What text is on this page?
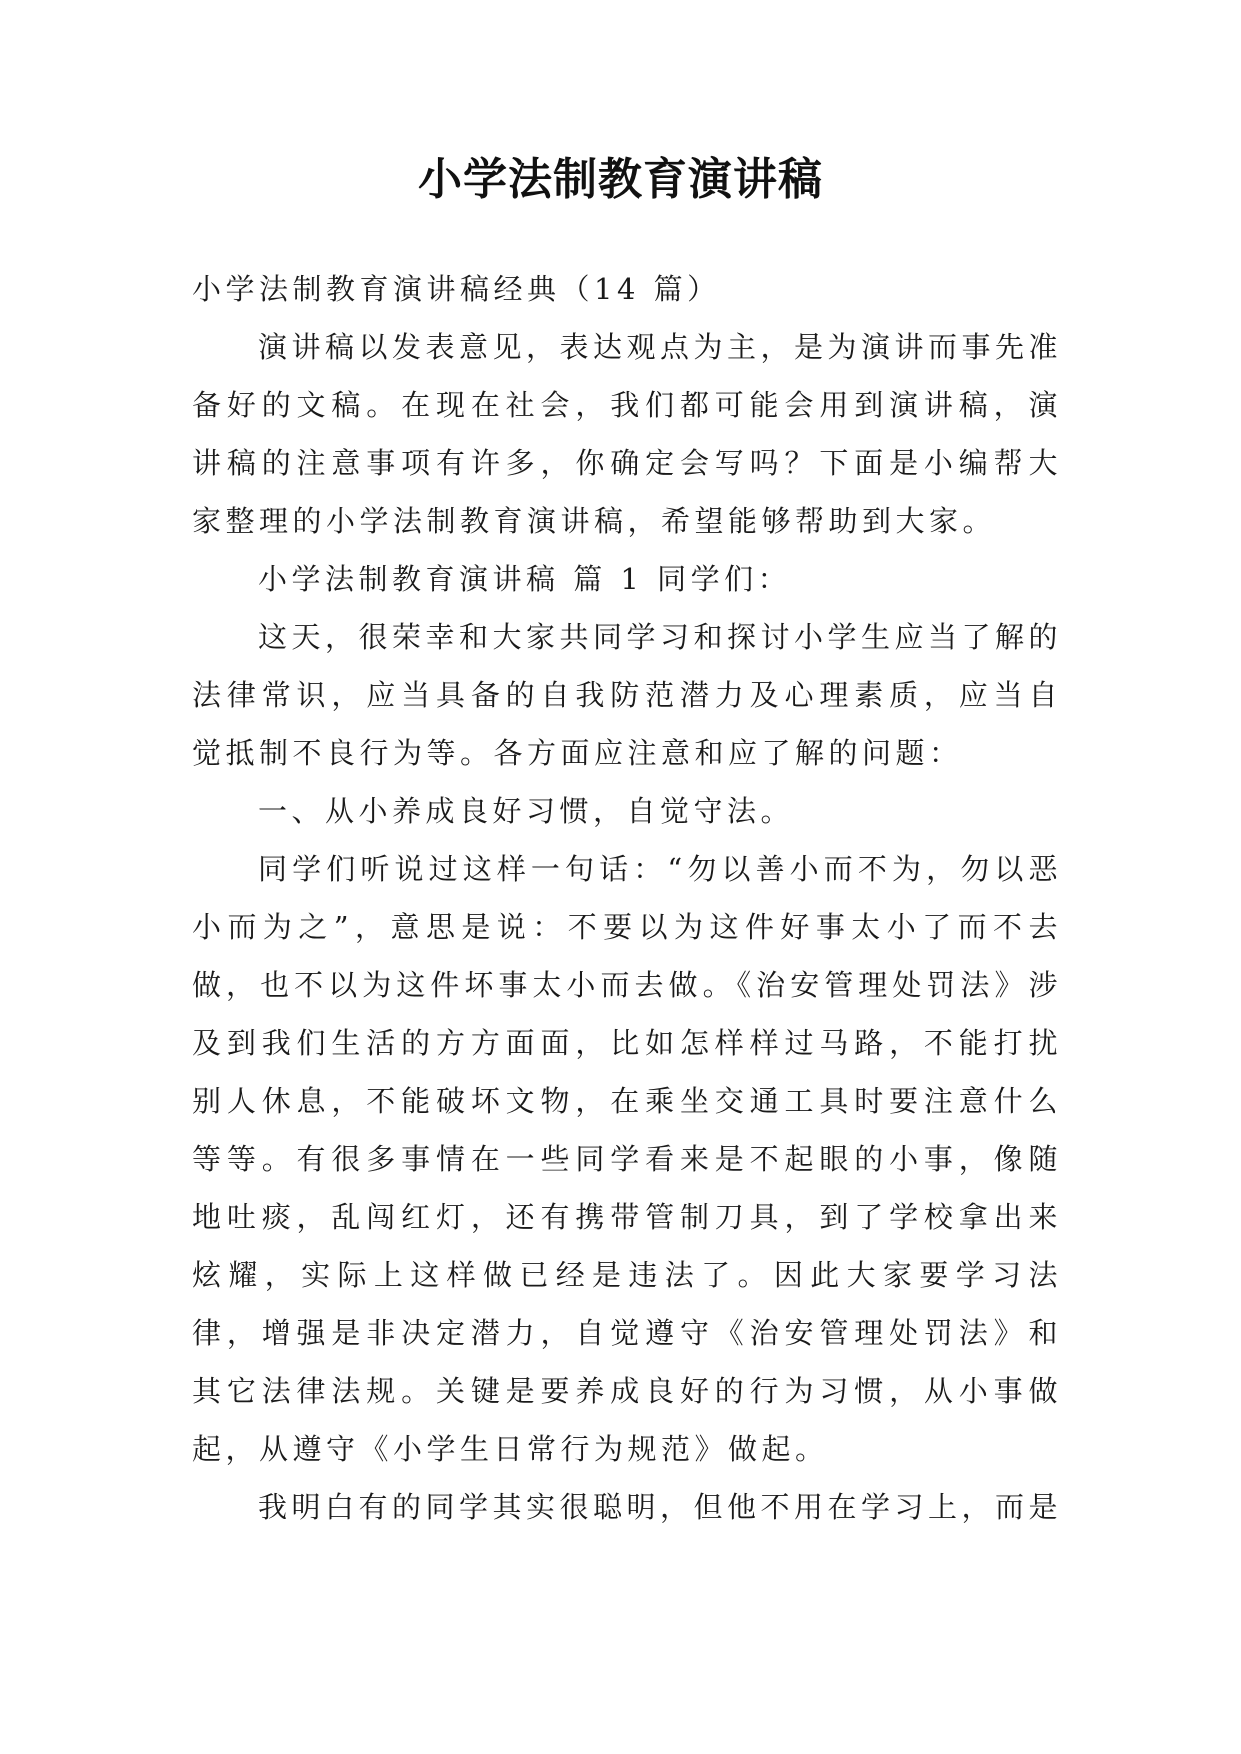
小学法制教育演讲稿

小学法制教育演讲稿经典（14 篇）

演讲稿以发表意见，表达观点为主，是为演讲而事先准备好的文稿。在现在社会，我们都可能会用到演讲稿，演讲稿的注意事项有许多，你确定会写吗？下面是小编帮大家整理的小学法制教育演讲稿，希望能够帮助到大家。

小学法制教育演讲稿 篇 1 同学们：

这天，很荣幸和大家共同学习和探讨小学生应当了解的法律常识，应当具备的自我防范潜力及心理素质，应当自觉抵制不良行为等。各方面应注意和应了解的问题：

一、从小养成良好习惯，自觉守法。

同学们听说过这样一句话：“勿以善小而不为，勿以恶小而为之”，意思是说：不要以为这件好事太小了而不去做，也不以为这件坏事太小而去做。《治安管理处罚法》涉及到我们生活的方方面面，比如怎样样过马路，不能打扰别人休息，不能破坏文物，在乘坐交通工具时要注意什么等等。有很多事情在一些同学看来是不起眼的小事，像随地吐痰，乱闯红灯，还有携带管制刀具，到了学校拿出来炫耀，实际上这样做已经是违法了。因此大家要学习法律，增强是非决定潜力，自觉遵守《治安管理处罚法》和其它法律法规。关键是要养成良好的行为习惯，从小事做起，从遵守《小学生日常行为规范》做起。

我明白有的同学其实很聪明，但他不用在学习上，而是
